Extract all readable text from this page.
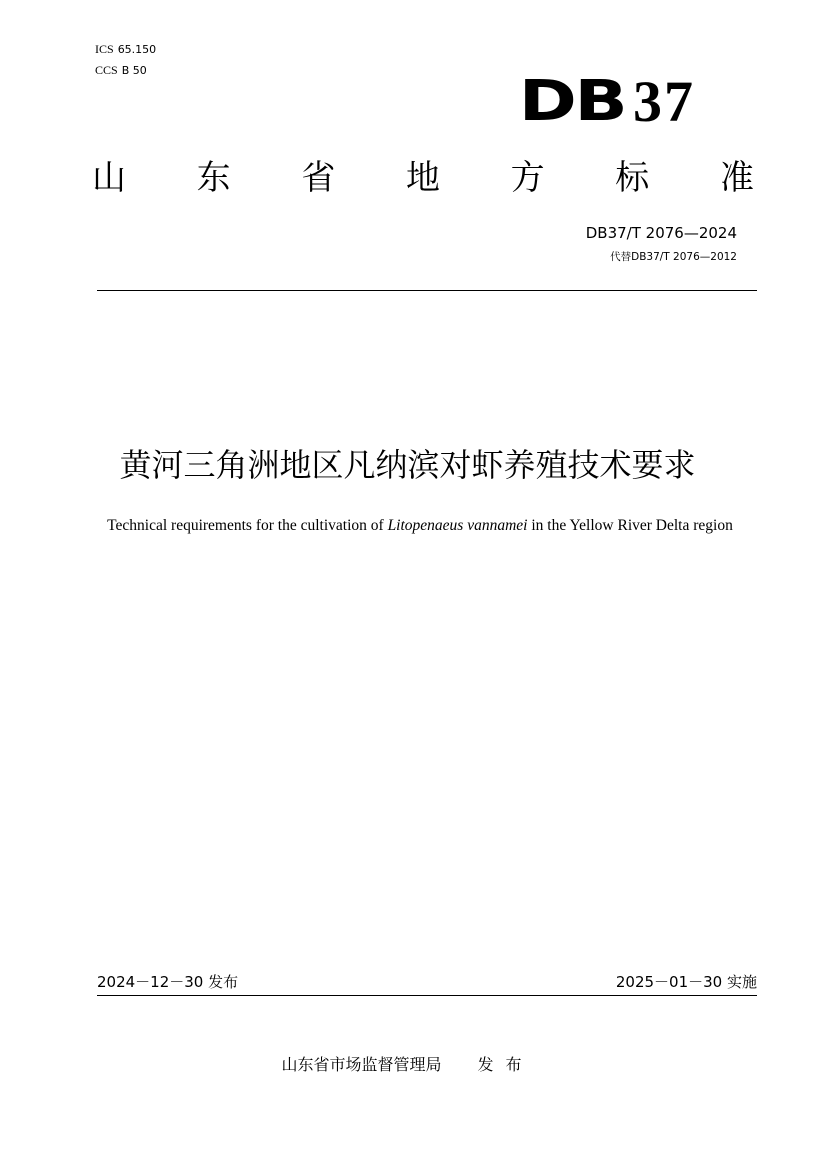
ICS 65.150
CCS B 50	DB 37
山 东 省 地 方 标 准
DB37/T 2076—2024
代替DB37/T 2076—2012
黄河三角洲地区凡纳滨对虾养殖技术要求
Technical requirements for the cultivation of Litopenaeus vannamei in the Yellow River Delta region
2024－12－30 发布	2025－01－30 实施
山东省市场监督管理局 发布
